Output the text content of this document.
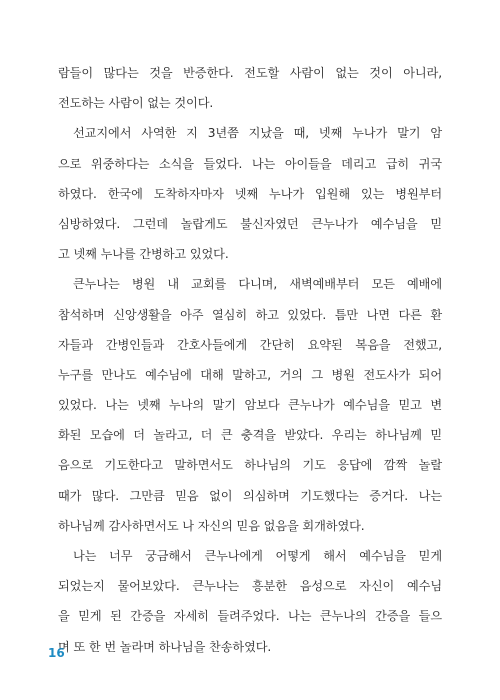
람들이 많다는 것을 반증한다. 전도할 사람이 없는 것이 아니라,
전도하는 사람이 없는 것이다.
선교지에서 사역한 지 3년쯤 지났을 때, 넷째 누나가 말기 암
으로 위중하다는 소식을 들었다. 나는 아이들을 데리고 급히 귀국
하였다. 한국에 도착하자마자 넷째 누나가 입원해 있는 병원부터
심방하였다. 그런데 놀랍게도 불신자였던 큰누나가 예수님을 믿
고 넷째 누나를 간병하고 있었다.
큰누나는 병원 내 교회를 다니며, 새벽예배부터 모든 예배에
참석하며 신앙생활을 아주 열심히 하고 있었다. 틈만 나면 다른 환
자들과 간병인들과 간호사들에게 간단히 요약된 복음을 전했고,
누구를 만나도 예수님에 대해 말하고, 거의 그 병원 전도사가 되어
있었다. 나는 넷째 누나의 말기 암보다 큰누나가 예수님을 믿고 변
화된 모습에 더 놀라고, 더 큰 충격을 받았다. 우리는 하나님께 믿
음으로 기도한다고 말하면서도 하나님의 기도 응답에 깜짝 놀랄
때가 많다. 그만큼 믿음 없이 의심하며 기도했다는 증거다. 나는
하나님께 감사하면서도 나 자신의 믿음 없음을 회개하였다.
나는 너무 궁금해서 큰누나에게 어떻게 해서 예수님을 믿게
되었는지 물어보았다. 큰누나는 흥분한 음성으로 자신이 예수님
을 믿게 된 간증을 자세히 들려주었다. 나는 큰누나의 간증을 들으
며 또 한 번 놀라며 하나님을 찬송하였다.
16
